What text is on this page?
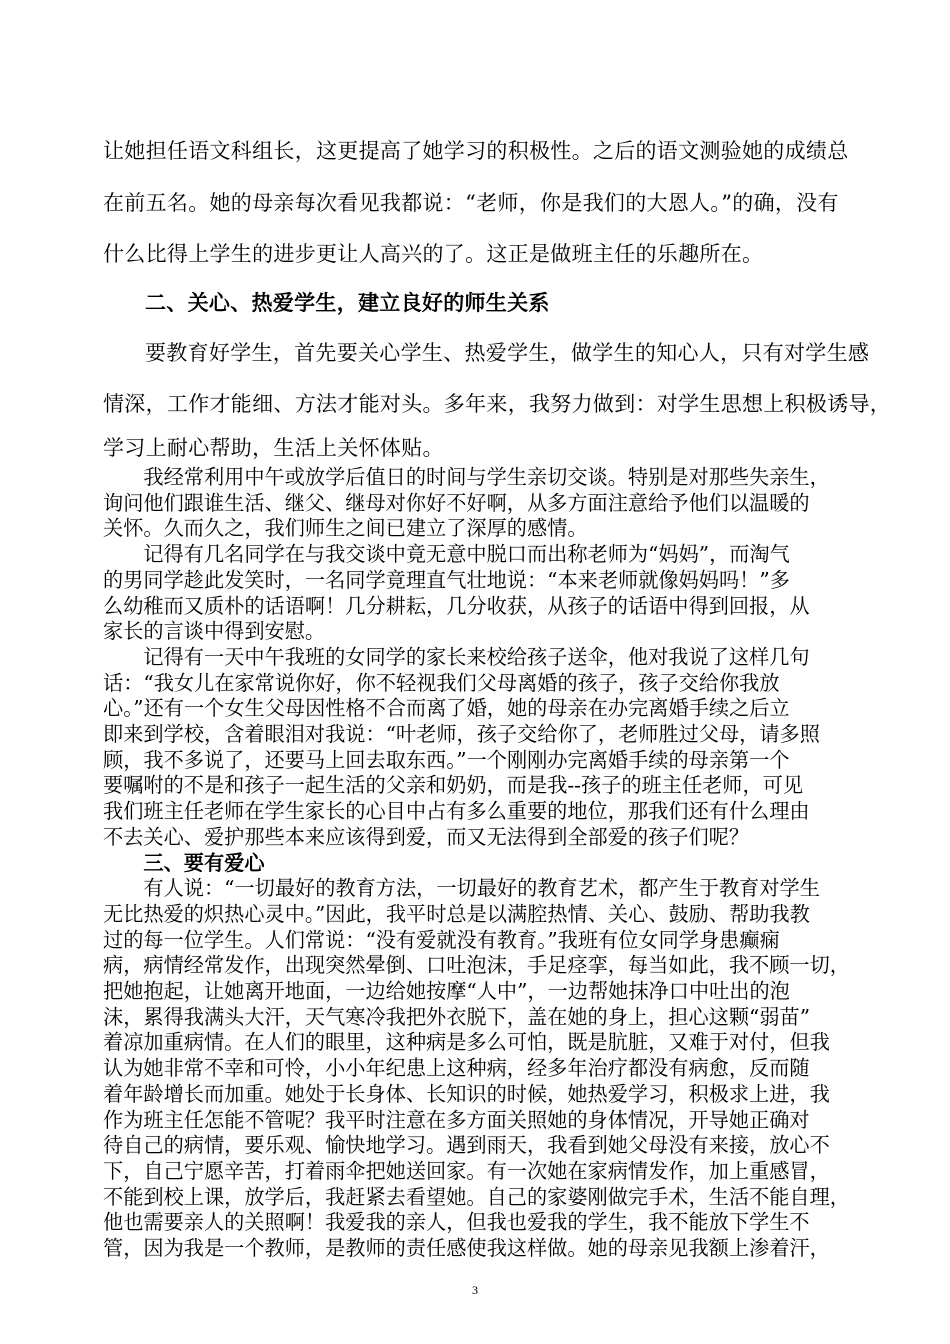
让她担任语文科组长，这更提高了她学习的积极性。之后的语文测验她的成绩总
在前五名。她的母亲每次看见我都说：“老师，你是我们的大恩人。”的确，没有
什么比得上学生的进步更让人高兴的了。这正是做班主任的乐趣所在。
二、关心、热爱学生，建立良好的师生关系
要教育好学生，首先要关心学生、热爱学生，做学生的知心人，只有对学生感
情深，工作才能细、方法才能对头。多年来，我努力做到：对学生思想上积极诱导，
学习上耐心帮助，生活上关怀体贴。
　　我经常利用中午或放学后值日的时间与学生亲切交谈。特别是对那些失亲生，
询问他们跟谁生活、继父、继母对你好不好啊，从多方面注意给予他们以温暖的
关怀。久而久之，我们师生之间已建立了深厚的感情。
　　记得有几名同学在与我交谈中竟无意中脱口而出称老师为“妈妈”，而淘气
的男同学趁此发笑时，一名同学竟理直气壮地说：“本来老师就像妈妈吗！”多
么幼稚而又质朴的话语啊！几分耕耘，几分收获，从孩子的话语中得到回报，从
家长的言谈中得到安慰。
　　记得有一天中午我班的女同学的家长来校给孩子送伞，他对我说了这样几句
话：“我女儿在家常说你好，你不轻视我们父母离婚的孩子，孩子交给你我放
心。”还有一个女生父母因性格不合而离了婚，她的母亲在办完离婚手续之后立
即来到学校，含着眼泪对我说：“叶老师，孩子交给你了，老师胜过父母，请多照
顾，我不多说了，还要马上回去取东西。”一个刚刚办完离婚手续的母亲第一个
要嘱咐的不是和孩子一起生活的父亲和奶奶，而是我--孩子的班主任老师，可见
我们班主任老师在学生家长的心目中占有多么重要的地位，那我们还有什么理由
不去关心、爱护那些本来应该得到爱，而又无法得到全部爱的孩子们呢？
三、要有爱心
　　有人说：“一切最好的教育方法，一切最好的教育艺术，都产生于教育对学生
无比热爱的炽热心灵中。”因此，我平时总是以满腔热情、关心、鼓励、帮助我教
过的每一位学生。人们常说：“没有爱就没有教育。”我班有位女同学身患癫痫
病，病情经常发作，出现突然晕倒、口吐泡沫，手足痉挛，每当如此，我不顾一切，
把她抱起，让她离开地面，一边给她按摩“人中”，一边帮她抹净口中吐出的泡
沫，累得我满头大汗，天气寒冷我把外衣脱下，盖在她的身上，担心这颗“弱苗”
着凉加重病情。在人们的眼里，这种病是多么可怕，既是肮脏，又难于对付，但我
认为她非常不幸和可怜，小小年纪患上这种病，经多年治疗都没有病愈，反而随
着年龄增长而加重。她处于长身体、长知识的时候，她热爱学习，积极求上进，我
作为班主任怎能不管呢？我平时注意在多方面关照她的身体情况，开导她正确对
待自己的病情，要乐观、愉快地学习。遇到雨天，我看到她父母没有来接，放心不
下，自己宁愿辛苦，打着雨伞把她送回家。有一次她在家病情发作，加上重感冒，
不能到校上课，放学后，我赶紧去看望她。自己的家婆刚做完手术，生活不能自理，
他也需要亲人的关照啊！我爱我的亲人，但我也爱我的学生，我不能放下学生不
管，因为我是一个教师，是教师的责任感使我这样做。她的母亲见我额上渗着汗，
3
